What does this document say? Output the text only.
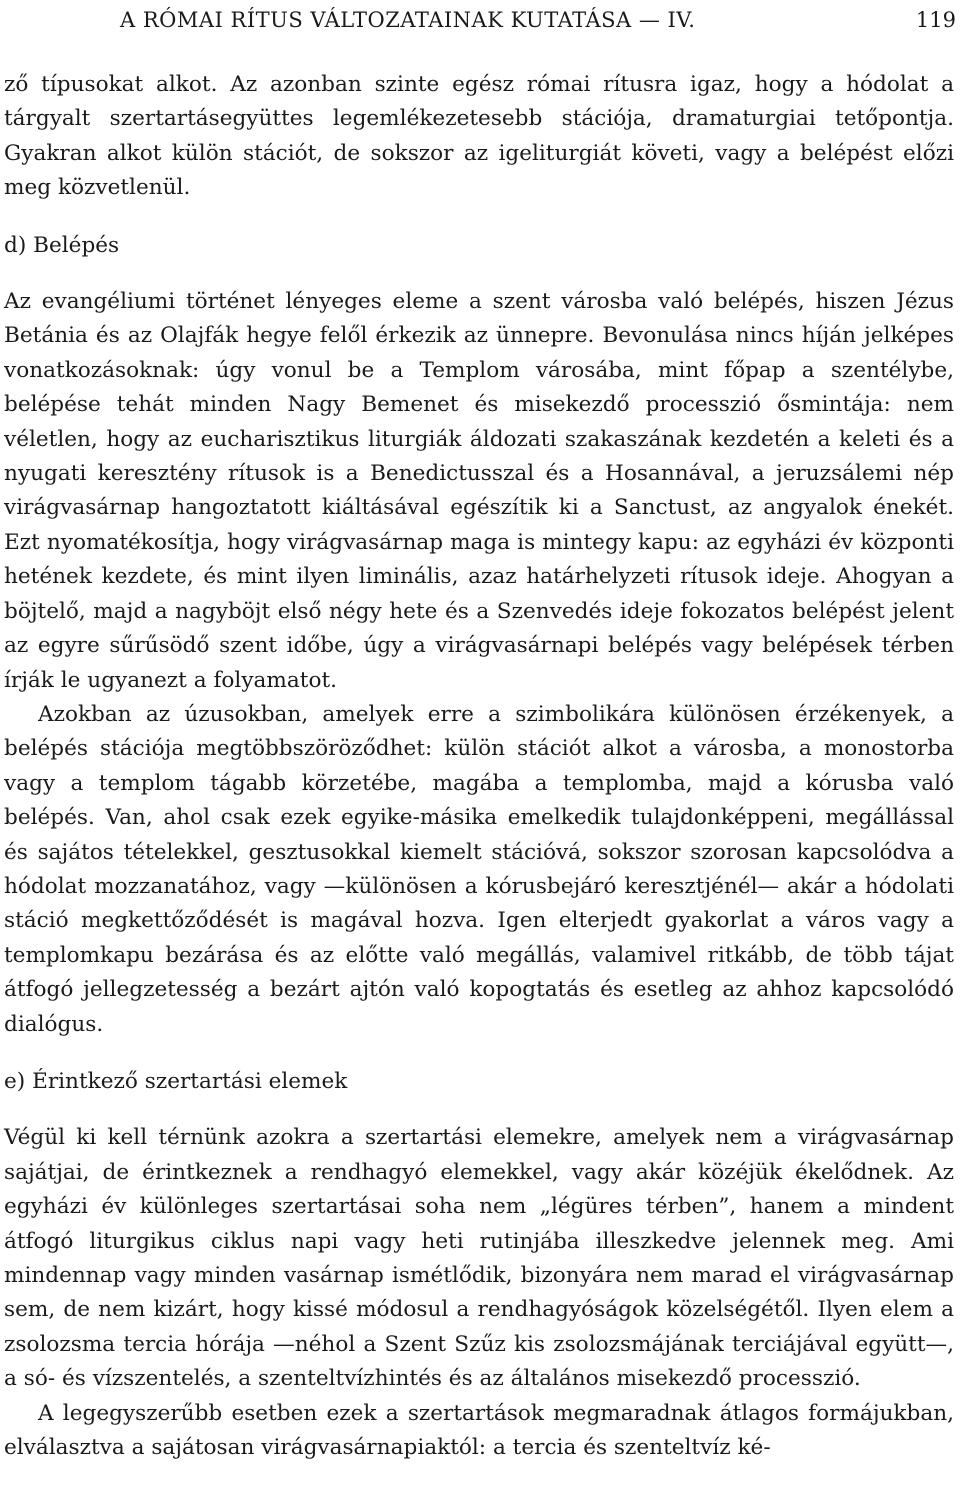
A RÓMAI RÍTUS VÁLTOZATAINAK KUTATÁSA — IV.	119

ző típusokat alkot. Az azonban szinte egész római rítusra igaz, hogy a hódolat a tárgyalt szertartásegyüttes legemlékezetesebb stációja, dramaturgiai tetőpontja. Gyakran alkot külön stációt, de sokszor az igeliturgiát követi, vagy a belépést előzi meg közvetlenül.

d) Belépés

Az evangéliumi történet lényeges eleme a szent városba való belépés, hiszen Jézus Betánia és az Olajfák hegye felől érkezik az ünnepre. Bevonulása nincs híján jelképes vonatkozásoknak: úgy vonul be a Templom városába, mint főpap a szentélybe, belépése tehát minden Nagy Bemenet és misekezdő processzió ősmintája: nem véletlen, hogy az eucharisztikus liturgiák áldozati szakaszának kezdetén a keleti és a nyugati keresztény rítusok is a Benedictusszal és a Hosannával, a jeruzsálemi nép virágvasárnap hangoztatott kiáltásával egészítik ki a Sanctust, az angyalok énekét. Ezt nyomatékosítja, hogy virágvasárnap maga is mintegy kapu: az egyházi év központi hetének kezdete, és mint ilyen liminális, azaz határhelyzeti rítusok ideje. Ahogyan a böjtelő, majd a nagyböjt első négy hete és a Szenvedés ideje fokozatos belépést jelent az egyre sűrűsödő szent időbe, úgy a virágvasárnapi belépés vagy belépések térben írják le ugyanezt a folyamatot.

Azokban az úzusokban, amelyek erre a szimbolikára különösen érzékenyek, a belépés stációja megtöbbszöröződhet: külön stációt alkot a városba, a monostorba vagy a templom tágabb körzetébe, magába a templomba, majd a kórusba való belépés. Van, ahol csak ezek egyike-másika emelkedik tulajdonképpeni, megállással és sajátos tételekkel, gesztusokkal kiemelt stációvá, sokszor szorosan kapcsolódva a hódolat mozzanatához, vagy —különösen a kórusbejáró keresztjénél— akár a hódolati stáció megkettőződését is magával hozva. Igen elterjedt gyakorlat a város vagy a templomkapu bezárása és az előtte való megállás, valamivel ritkább, de több tájat átfogó jellegzetesség a bezárt ajtón való kopogtatás és esetleg az ahhoz kapcsolódó dialógus.

e) Érintkező szertartási elemek

Végül ki kell térnünk azokra a szertartási elemekre, amelyek nem a virágvasárnap sajátjai, de érintkeznek a rendhagyó elemekkel, vagy akár közéjük ékelődnek. Az egyházi év különleges szertartásai soha nem „légüres térben”, hanem a mindent átfogó liturgikus ciklus napi vagy heti rutinjába illeszkedve jelennek meg. Ami mindennap vagy minden vasárnap ismétlődik, bizonyára nem marad el virágvasárnap sem, de nem kizárt, hogy kissé módosul a rendhagyóságok közelségétől. Ilyen elem a zsolozsma tercia hórája —néhol a Szent Szűz kis zsolozsmájának terciájával együtt—, a só- és vízszentelés, a szenteltvízhintés és az általános misekezdő processzió.

A legegyszerűbb esetben ezek a szertartások megmaradnak átlagos formájukban, elválasztva a sajátosan virágvasárnapiaktól: a tercia és szenteltvíz ké-
